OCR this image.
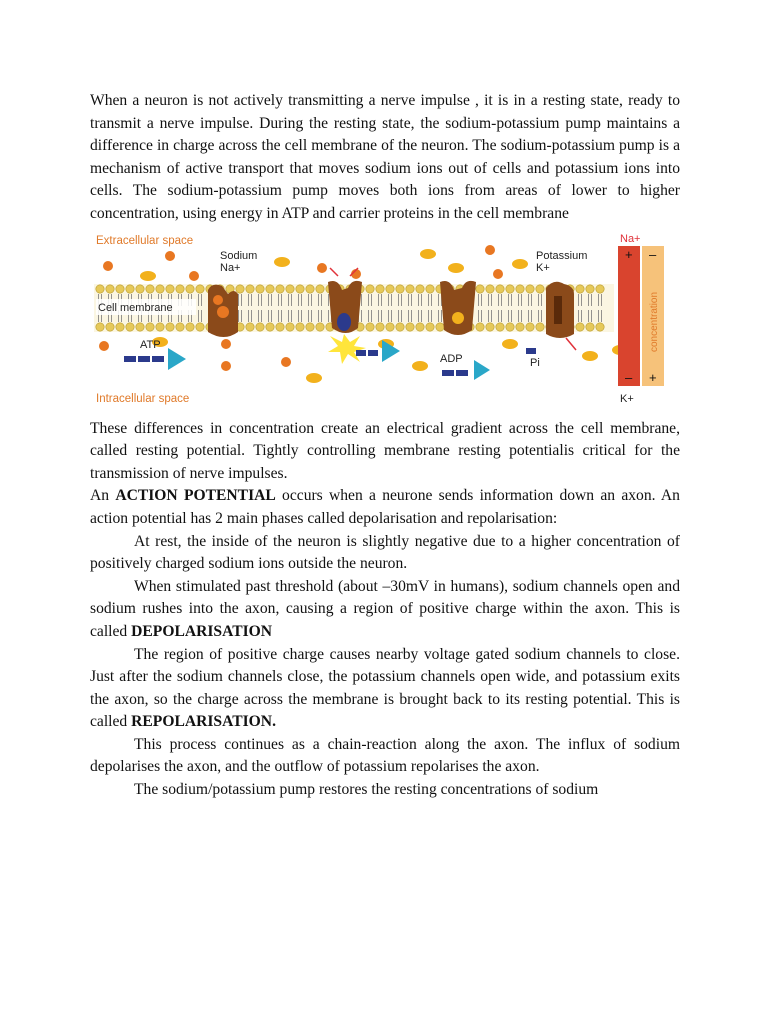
When a neuron is not actively transmitting a nerve impulse , it is in a resting state, ready to transmit a nerve impulse. During the resting state, the sodium-potassium pump maintains a difference in charge across the cell membrane of the neuron. The sodium-potassium pump is a mechanism of active transport that moves sodium ions out of cells and potassium ions into cells. The sodium-potassium pump moves both ions from areas of lower to higher concentration, using energy in ATP and carrier proteins in the cell membrane

Extracellular space
Intracellular space
Sodium
Na+
Potassium
K+
Cell membrane
ATP
ADP	Pi
Na+
+ –
– +
concentration
K+

These differences in concentration create an electrical gradient across the cell membrane, called resting potential. Tightly controlling membrane resting potentialis critical for the transmission of nerve impulses.

An ACTION POTENTIAL occurs when a neurone sends information down an axon. An action potential has 2 main phases called depolarisation and repolarisation:

At rest, the inside of the neuron is slightly negative due to a higher concentration of positively charged sodium ions outside the neuron.

When stimulated past threshold (about –30mV in humans), sodium channels open and sodium rushes into the axon, causing a region of positive charge within the axon. This is called DEPOLARISATION

The region of positive charge causes nearby voltage gated sodium channels to close. Just after the sodium channels close, the potassium channels open wide, and potassium exits the axon, so the charge across the membrane is brought back to its resting potential. This is called REPOLARISATION.

This process continues as a chain-reaction along the axon. The influx of sodium depolarises the axon, and the outflow of potassium repolarises the axon.

The sodium/potassium pump restores the resting concentrations of sodium
